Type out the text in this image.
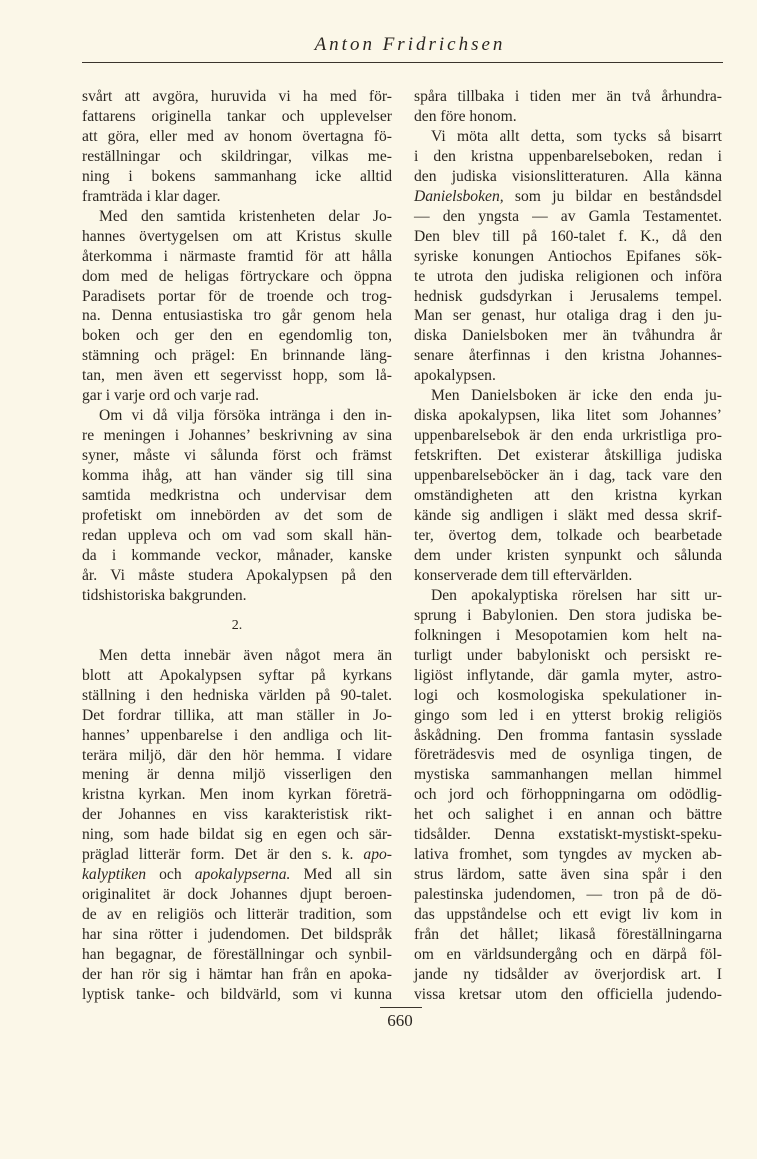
Anton Fridrichsen
svårt att avgöra, huruvida vi ha med för-
fattarens originella tankar och upplevelser
att göra, eller med av honom övertagna fö-
reställningar och skildringar, vilkas me-
ning i bokens sammanhang icke alltid
framträda i klar dager.
Med den samtida kristenheten delar Jo-
hannes övertygelsen om att Kristus skulle
återkomma i närmaste framtid för att hålla
dom med de heligas förtryckare och öppna
Paradisets portar för de troende och trog-
na. Denna entusiastiska tro går genom hela
boken och ger den en egendomlig ton,
stämning och prägel: En brinnande läng-
tan, men även ett segervisst hopp, som lå-
gar i varje ord och varje rad.
Om vi då vilja försöka intränga i den in-
re meningen i Johannes’ beskrivning av sina
syner, måste vi sålunda först och främst
komma ihåg, att han vänder sig till sina
samtida medkristna och undervisar dem
profetiskt om innebörden av det som de
redan uppleva och om vad som skall hän-
da i kommande veckor, månader, kanske
år. Vi måste studera Apokalypsen på den
tidshistoriska bakgrunden.
2.
Men detta innebär även något mera än
blott att Apokalypsen syftar på kyrkans
ställning i den hedniska världen på 90-talet.
Det fordrar tillika, att man ställer in Jo-
hannes’ uppenbarelse i den andliga och lit-
terära miljö, där den hör hemma. I vidare
mening är denna miljö visserligen den
kristna kyrkan. Men inom kyrkan företrä-
der Johannes en viss karakteristisk rikt-
ning, som hade bildat sig en egen och sär-
präglad litterär form. Det är den s. k. apo-
kalyptiken och apokalypserna. Med all sin
originalitet är dock Johannes djupt beroen-
de av en religiös och litterär tradition, som
har sina rötter i judendomen. Det bildspråk
han begagnar, de föreställningar och synbil-
der han rör sig i hämtar han från en apoka-
lyptisk tanke- och bildvärld, som vi kunna
spåra tillbaka i tiden mer än två århundra-
den före honom.
Vi möta allt detta, som tycks så bisarrt
i den kristna uppenbarelseboken, redan i
den judiska visionslitteraturen. Alla känna
Danielsboken, som ju bildar en beståndsdel
— den yngsta — av Gamla Testamentet.
Den blev till på 160-talet f. K., då den
syriske konungen Antiochos Epifanes sök-
te utrota den judiska religionen och införa
hednisk gudsdyrkan i Jerusalems tempel.
Man ser genast, hur otaliga drag i den ju-
diska Danielsboken mer än tvåhundra år
senare återfinnas i den kristna Johannes-
apokalypsen.
Men Danielsboken är icke den enda ju-
diska apokalypsen, lika litet som Johannes’
uppenbarelsebok är den enda urkristliga pro-
fetskriften. Det existerar åtskilliga judiska
uppenbarelseböcker än i dag, tack vare den
omständigheten att den kristna kyrkan
kände sig andligen i släkt med dessa skrif-
ter, övertog dem, tolkade och bearbetade
dem under kristen synpunkt och sålunda
konserverade dem till eftervärlden.
Den apokalyptiska rörelsen har sitt ur-
sprung i Babylonien. Den stora judiska be-
folkningen i Mesopotamien kom helt na-
turligt under babyloniskt och persiskt re-
ligiöst inflytande, där gamla myter, astro-
logi och kosmologiska spekulationer in-
gingo som led i en ytterst brokig religiös
åskådning. Den fromma fantasin sysslade
företrädesvis med de osynliga tingen, de
mystiska sammanhangen mellan himmel
och jord och förhoppningarna om odödlig-
het och salighet i en annan och bättre
tidsålder. Denna exstatiskt-mystiskt-speku-
lativa fromhet, som tyngdes av mycken ab-
strus lärdom, satte även sina spår i den
palestinska judendomen, — tron på de dö-
das uppståndelse och ett evigt liv kom in
från det hållet; likaså föreställningarna
om en världsundergång och en därpå föl-
jande ny tidsålder av överjordisk art. I
vissa kretsar utom den officiella judendo-
660
